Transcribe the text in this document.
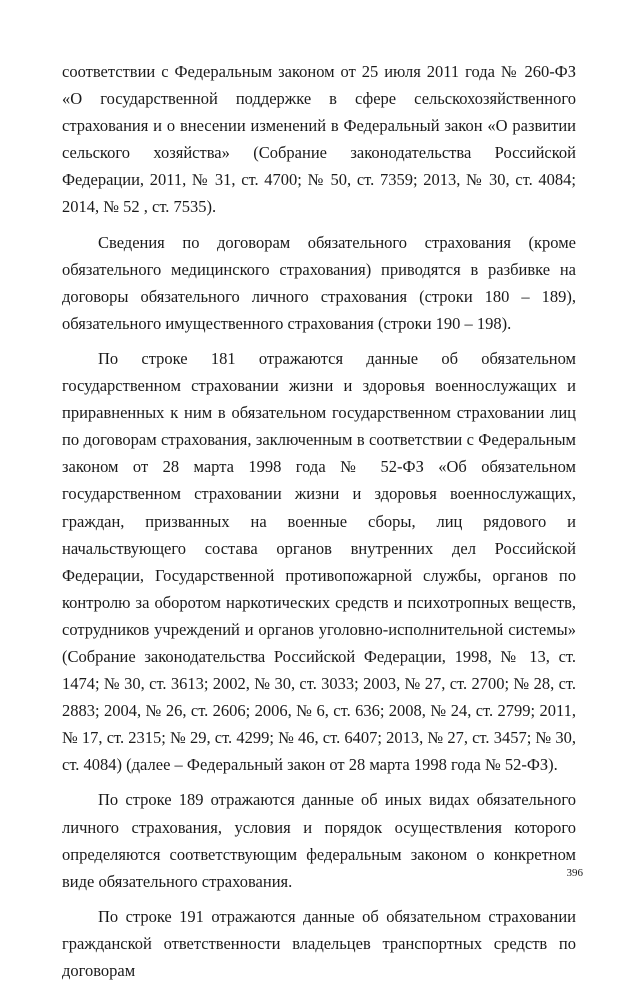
соответствии с Федеральным законом от 25 июля 2011 года № 260-ФЗ «О государственной поддержке в сфере сельскохозяйственного страхования и о внесении изменений в Федеральный закон «О развитии сельского хозяйства» (Собрание законодательства Российской Федерации, 2011, № 31, ст. 4700; № 50, ст. 7359; 2013, № 30, ст. 4084; 2014, № 52 , ст. 7535).

Сведения по договорам обязательного страхования (кроме обязательного медицинского страхования) приводятся в разбивке на договоры обязательного личного страхования (строки 180 – 189), обязательного имущественного страхования (строки 190 – 198).

По строке 181 отражаются данные об обязательном государственном страховании жизни и здоровья военнослужащих и приравненных к ним в обязательном государственном страховании лиц по договорам страхования, заключенным в соответствии с Федеральным законом от 28 марта 1998 года № 52-ФЗ «Об обязательном государственном страховании жизни и здоровья военнослужащих, граждан, призванных на военные сборы, лиц рядового и начальствующего состава органов внутренних дел Российской Федерации, Государственной противопожарной службы, органов по контролю за оборотом наркотических средств и психотропных веществ, сотрудников учреждений и органов уголовно-исполнительной системы» (Собрание законодательства Российской Федерации, 1998, № 13, ст. 1474; № 30, ст. 3613; 2002, № 30, ст. 3033; 2003, № 27, ст. 2700; № 28, ст. 2883; 2004, № 26, ст. 2606; 2006, № 6, ст. 636; 2008, № 24, ст. 2799; 2011, № 17, ст. 2315; № 29, ст. 4299; № 46, ст. 6407; 2013, № 27, ст. 3457; № 30, ст. 4084) (далее – Федеральный закон от 28 марта 1998 года № 52-ФЗ).

По строке 189 отражаются данные об иных видах обязательного личного страхования, условия и порядок осуществления которого определяются соответствующим федеральным законом о конкретном виде обязательного страхования.

По строке 191 отражаются данные об обязательном страховании гражданской ответственности владельцев транспортных средств по договорам

396
